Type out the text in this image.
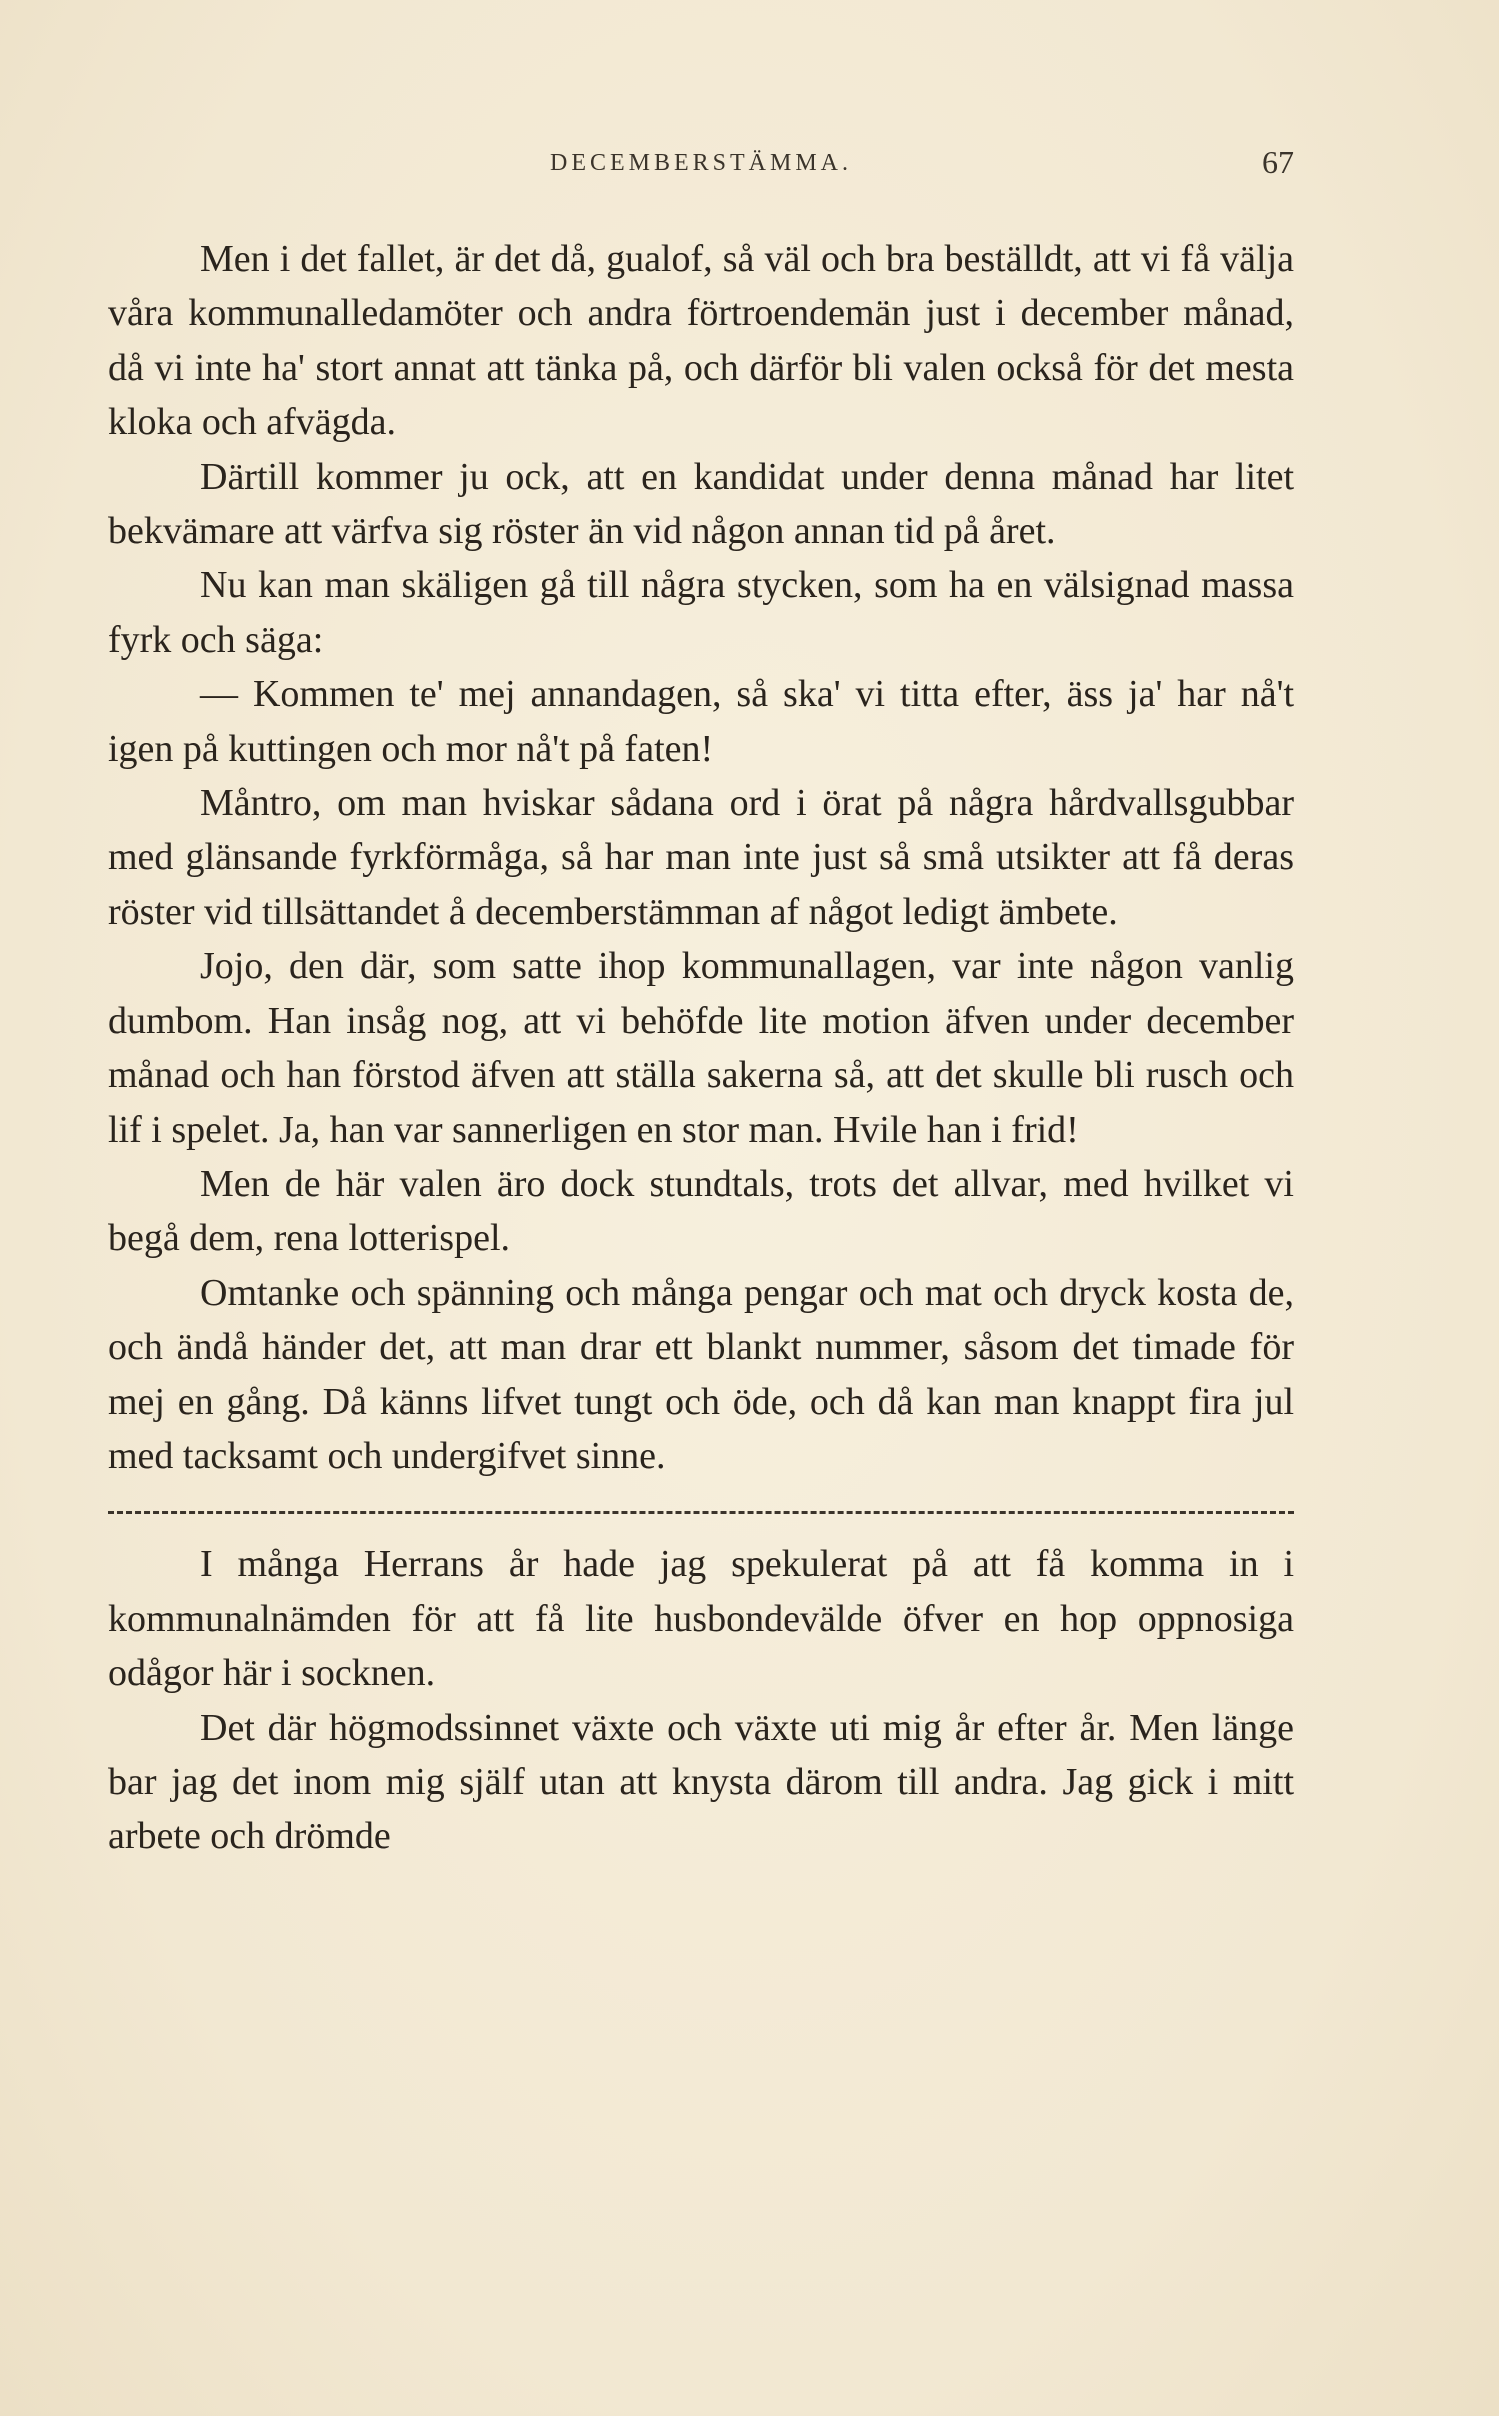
DECEMBERSTÄMMA.	67

Men i det fallet, är det då, gualof, så väl och bra beställdt, att vi få välja våra kommunalledamöter och andra förtroendemän just i december månad, då vi inte ha' stort annat att tänka på, och därför bli valen också för det mesta kloka och afvägda.

Därtill kommer ju ock, att en kandidat under denna månad har litet bekvämare att värfva sig röster än vid någon annan tid på året.

Nu kan man skäligen gå till några stycken, som ha en välsignad massa fyrk och säga:

— Kommen te' mej annandagen, så ska' vi titta efter, äss ja' har nå't igen på kuttingen och mor nå't på faten!

Måntro, om man hviskar sådana ord i örat på några hårdvallsgubbar med glänsande fyrkförmåga, så har man inte just så små utsikter att få deras röster vid tillsättandet å decemberstämman af något ledigt ämbete.

Jojo, den där, som satte ihop kommunallagen, var inte någon vanlig dumbom. Han insåg nog, att vi behöfde lite motion äfven under december månad och han förstod äfven att ställa sakerna så, att det skulle bli rusch och lif i spelet. Ja, han var sannerligen en stor man. Hvile han i frid!

Men de här valen äro dock stundtals, trots det allvar, med hvilket vi begå dem, rena lotterispel.

Omtanke och spänning och många pengar och mat och dryck kosta de, och ändå händer det, att man drar ett blankt nummer, såsom det timade för mej en gång. Då känns lifvet tungt och öde, och då kan man knappt fira jul med tacksamt och undergifvet sinne.

I många Herrans år hade jag spekulerat på att få komma in i kommunalnämden för att få lite husbondevälde öfver en hop oppnosiga odågor här i socknen.

Det där högmodssinnet växte och växte uti mig år efter år. Men länge bar jag det inom mig själf utan att knysta därom till andra. Jag gick i mitt arbete och drömde
